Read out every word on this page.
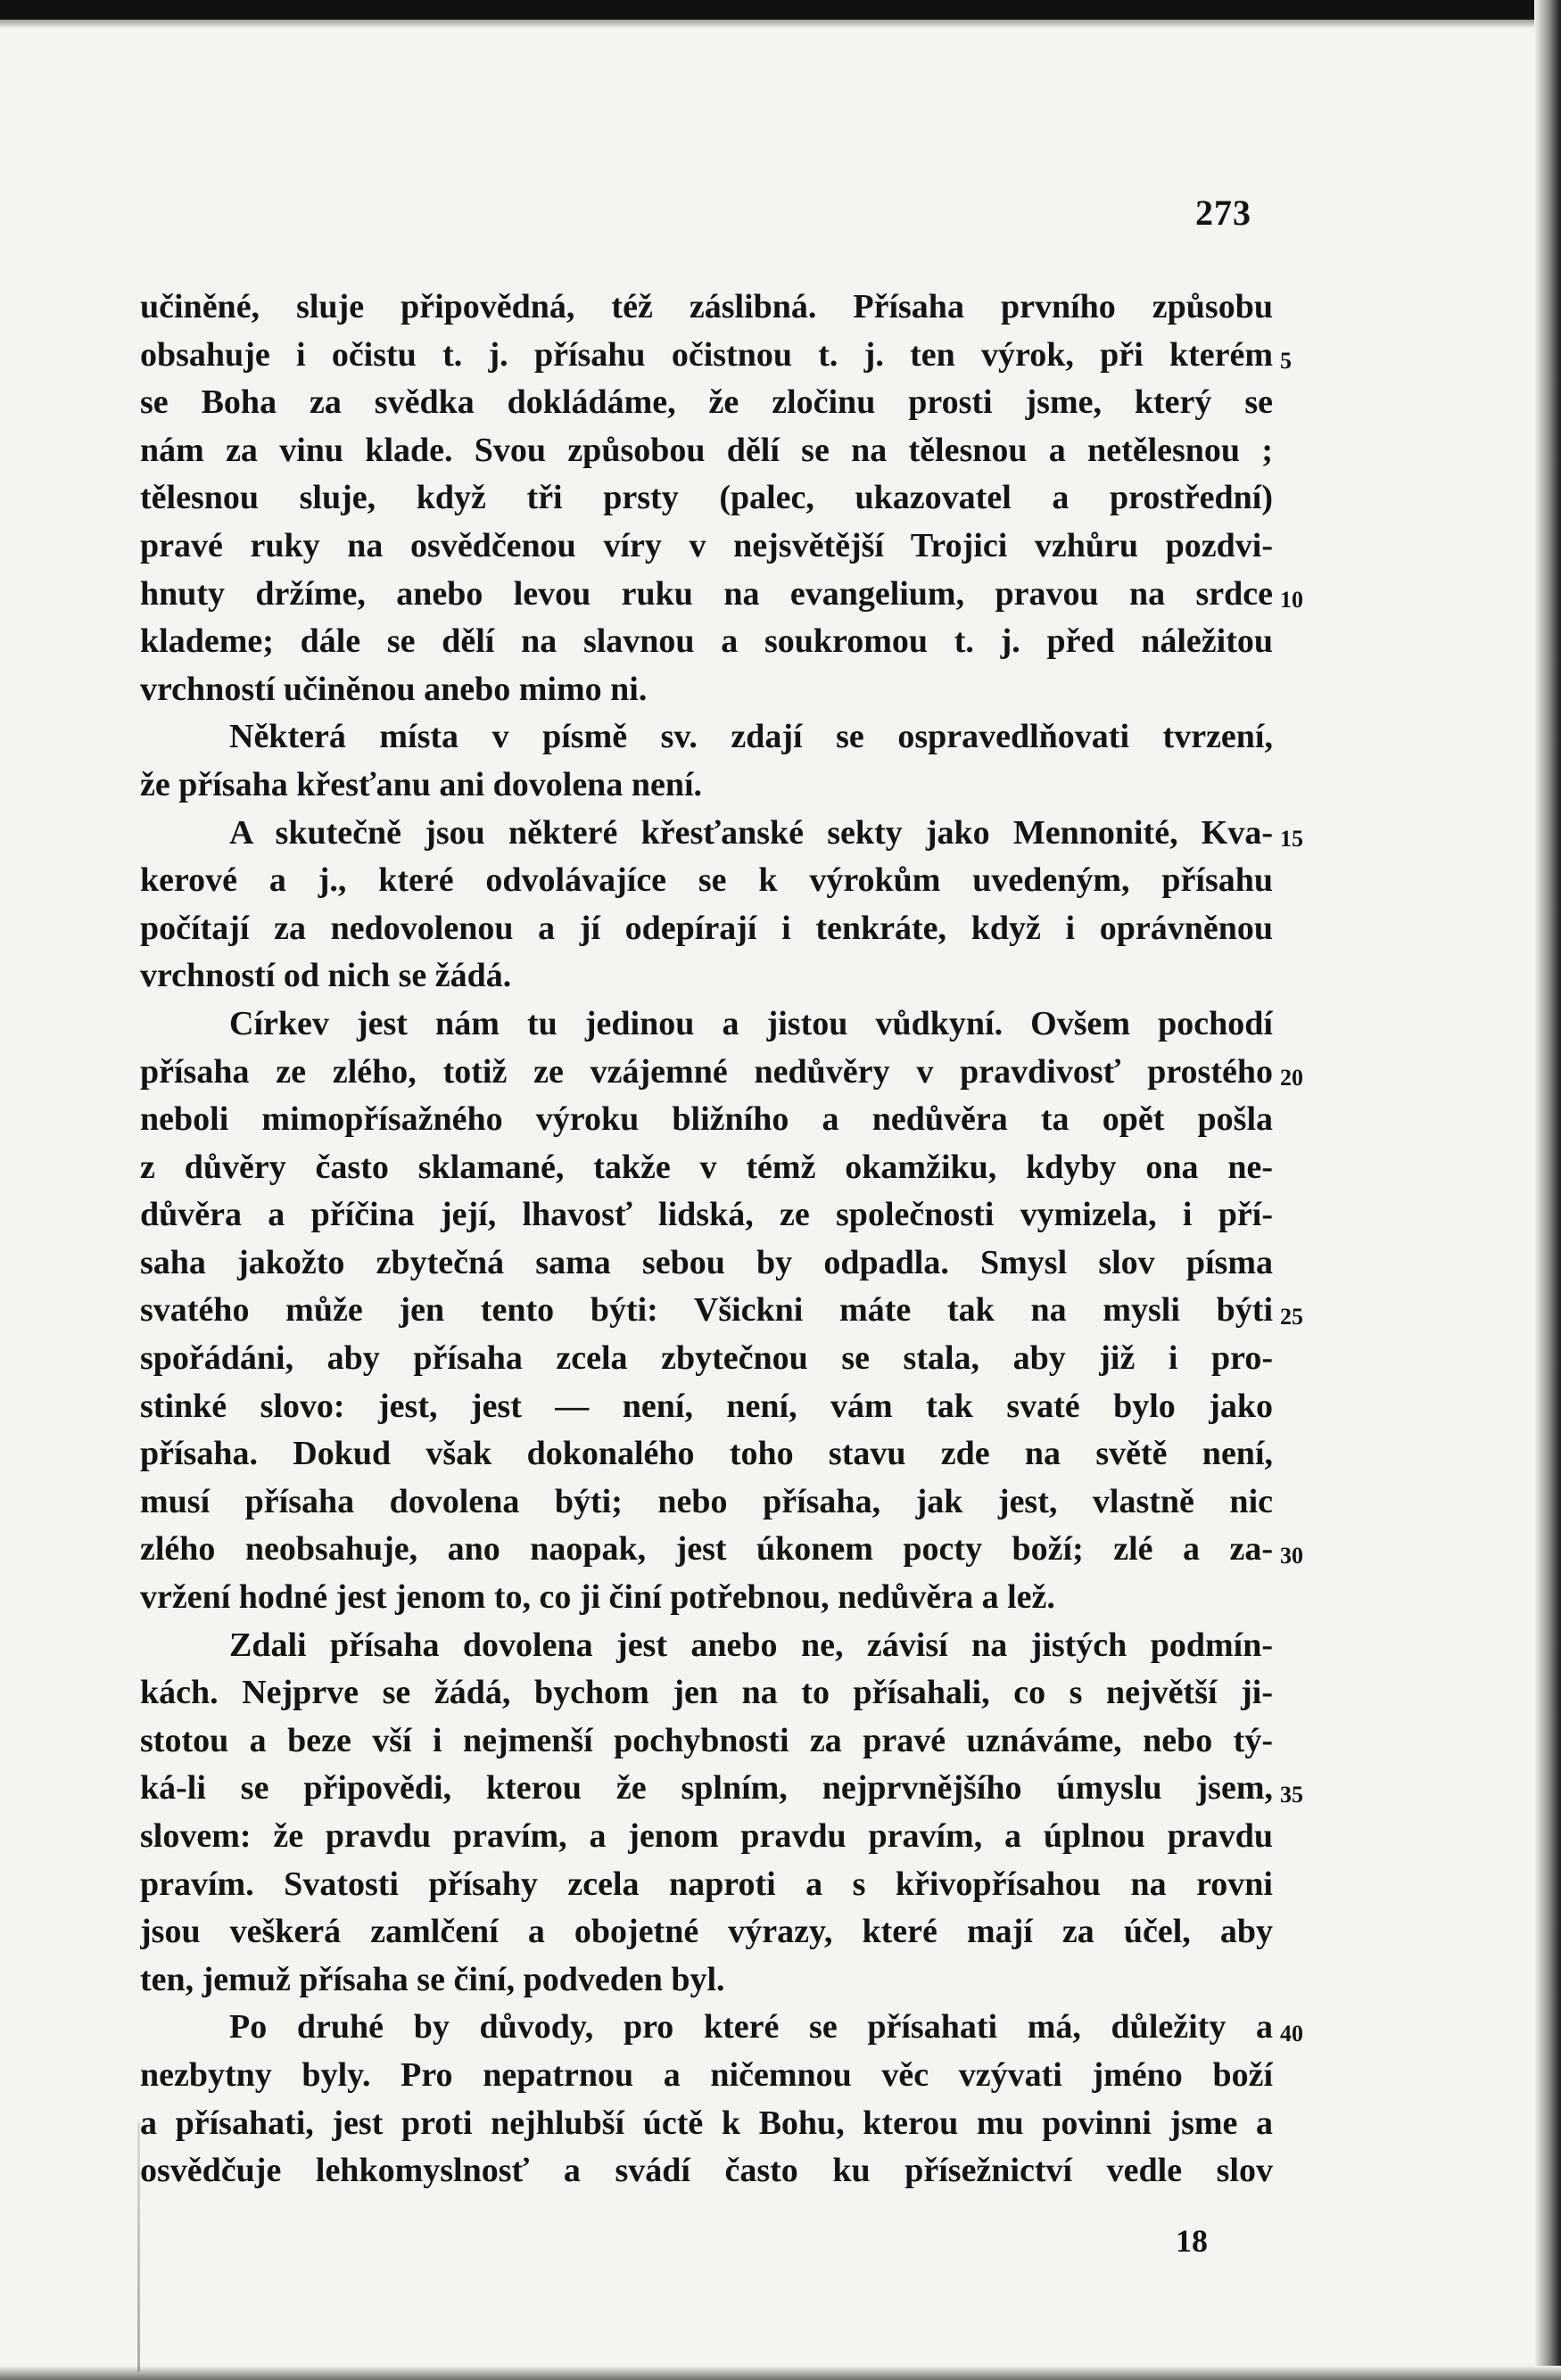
273
učiněné, sluje připovědná, též záslibná. Přísaha prvního způsobu
obsahuje i očistu t. j. přísahu očistnou t. j. ten výrok, při kterém
se Boha za svědka dokládáme, že zločinu prosti jsme, který se
nám za vinu klade. Svou způsobou dělí se na tělesnou a netělesnou ;
tělesnou sluje, když tři prsty (palec, ukazovatel a prostřední)
pravé ruky na osvědčenou víry v nejsvětější Trojici vzhůru pozdvi-
hnuty držíme, anebo levou ruku na evangelium, pravou na srdce
klademe; dále se dělí na slavnou a soukromou t. j. před náležitou
vrchností učiněnou anebo mimo ni.
Některá místa v písmě sv. zdají se ospravedlňovati tvrzení,
že přísaha křesťanu ani dovolena není.
A skutečně jsou některé křesťanské sekty jako Mennonité, Kva-
kerové a j., které odvolávajíce se k výrokům uvedeným, přísahu
počítají za nedovolenou a jí odepírají i tenkráte, když i oprávněnou
vrchností od nich se žádá.
Církev jest nám tu jedinou a jistou vůdkyní. Ovšem pochodí
přísaha ze zlého, totiž ze vzájemné nedůvěry v pravdivosť prostého
neboli mimopřísažného výroku bližního a nedůvěra ta opět pošla
z důvěry často sklamané, takže v témž okamžiku, kdyby ona ne-
důvěra a příčina její, lhavosť lidská, ze společnosti vymizela, i pří-
saha jakožto zbytečná sama sebou by odpadla. Smysl slov písma
svatého může jen tento býti: Všickni máte tak na mysli býti
spořádáni, aby přísaha zcela zbytečnou se stala, aby již i pro-
stinké slovo: jest, jest — není, není, vám tak svaté bylo jako
přísaha. Dokud však dokonalého toho stavu zde na světě není,
musí přísaha dovolena býti; nebo přísaha, jak jest, vlastně nic
zlého neobsahuje, ano naopak, jest úkonem pocty boží; zlé a za-
vržení hodné jest jenom to, co ji činí potřebnou, nedůvěra a lež.
Zdali přísaha dovolena jest anebo ne, závisí na jistých podmín-
kách. Nejprve se žádá, bychom jen na to přísahali, co s největší ji-
stotou a beze vší i nejmenší pochybnosti za pravé uznáváme, nebo tý-
ká-li se připovědi, kterou že splním, nejprvnějšího úmyslu jsem,
slovem: že pravdu pravím, a jenom pravdu pravím, a úplnou pravdu
pravím. Svatosti přísahy zcela naproti a s křivopřísahou na rovni
jsou veškerá zamlčení a obojetné výrazy, které mají za účel, aby
ten, jemuž přísaha se činí, podveden byl.
Po druhé by důvody, pro které se přísahati má, důležity a
nezbytny byly. Pro nepatrnou a ničemnou věc vzývati jméno boží
a přísahati, jest proti nejhlubší úctě k Bohu, kterou mu povinni jsme a
osvědčuje lehkomyslnosť a svádí často ku přísežnictví vedle slov
5
10
15
20
25
30
35
40
18
